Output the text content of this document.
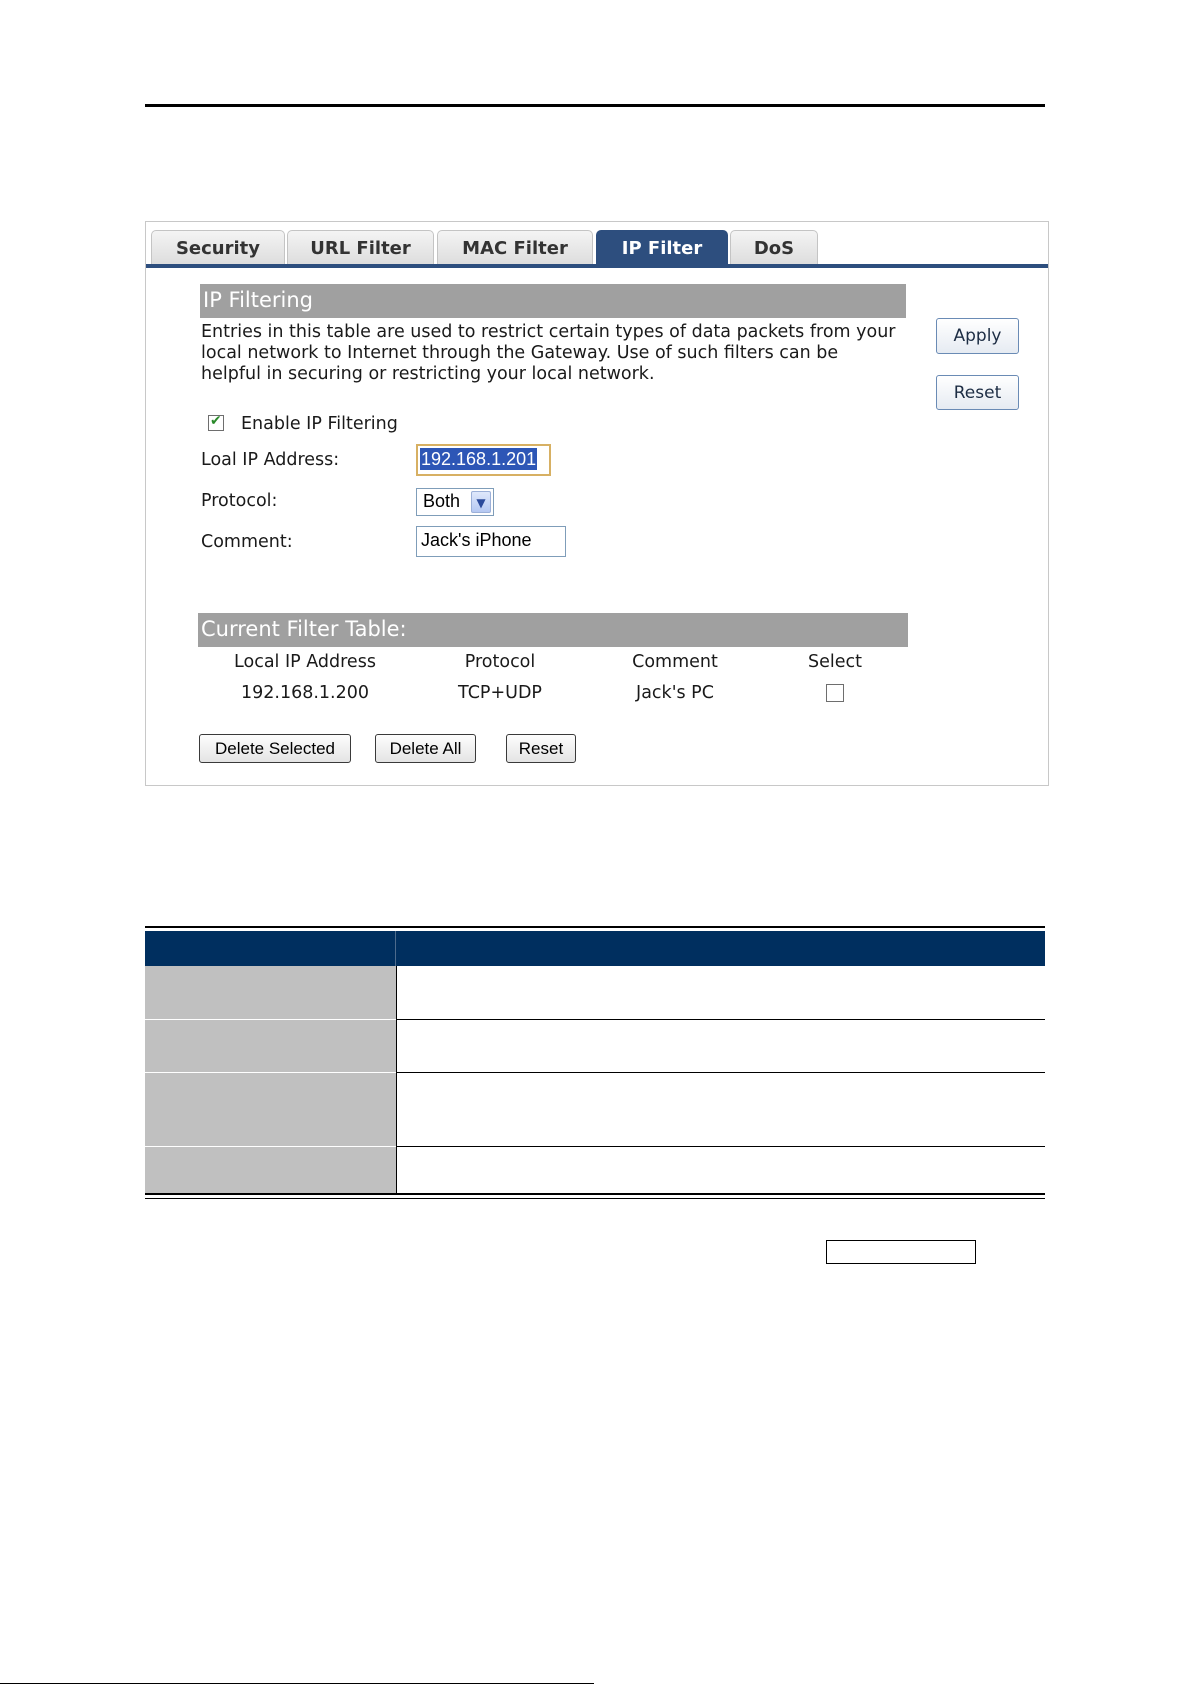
Security	URL Filter	MAC Filter	IP Filter	DoS
IP Filtering
Entries in this table are used to restrict certain types of data packets from your local network to Internet through the Gateway. Use of such filters can be helpful in securing or restricting your local network.
Apply
Reset
✔
Enable IP Filtering
Loal IP Address:	192.168.1.201
Protocol:	Both	▼
Comment:	Jack's iPhone
Current Filter Table:
Local IP Address	Protocol	Comment	Select
192.168.1.200	TCP+UDP	Jack's PC
Delete Selected	Delete All	Reset
